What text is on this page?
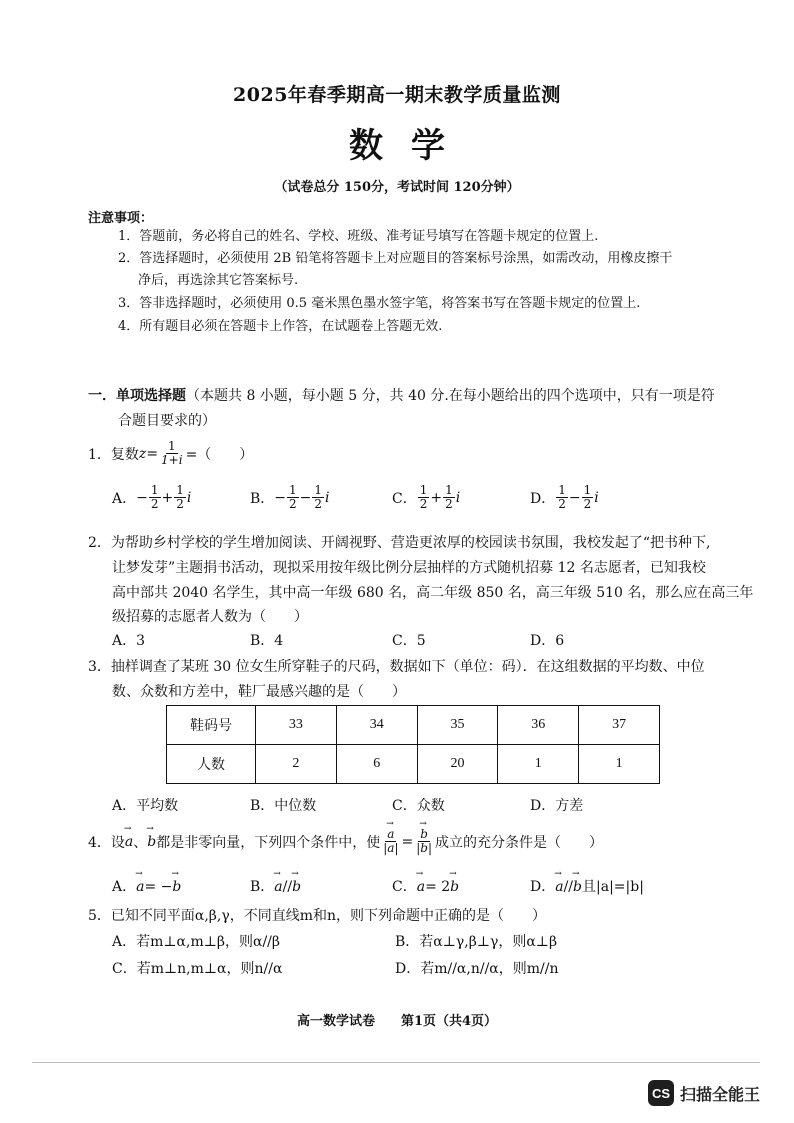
2025年春季期高一期末教学质量监测
数学
（试卷总分 150分，考试时间 120分钟）
注意事项：
1．答题前，务必将自己的姓名、学校、班级、准考证号填写在答题卡规定的位置上.
2．答选择题时，必须使用 2B 铅笔将答题卡上对应题目的答案标号涂黑，如需改动，用橡皮擦干
净后，再选涂其它答案标号.
3．答非选择题时，必须使用 0.5 毫米黑色墨水签字笔，将答案书写在答题卡规定的位置上.
4．所有题目必须在答题卡上作答，在试题卷上答题无效.
一．单项选择题（本题共 8 小题，每小题 5 分，共 40 分.在每小题给出的四个选项中，只有一项是符
合题目要求的）
1．复数 $z = \frac{1}{1+i}$ =（　　）
A． − $\frac{1}{2} + \frac{1}{2}$ i	B． − $\frac{1}{2} - \frac{1}{2}$ i	C． $\frac{1}{2} + \frac{1}{2}$ i	D． $\frac{1}{2} - \frac{1}{2}$ i
2．为帮助乡村学校的学生增加阅读、开阔视野、营造更浓厚的校园读书氛围，我校发起了“把书种下,
让梦发芽”主题捐书活动，现拟采用按年级比例分层抽样的方式随机招募 12 名志愿者，已知我校
高中部共 2040 名学生，其中高一年级 680 名，高二年级 850 名，高三年级 510 名，那么应在高三年
级招募的志愿者人数为（　　）
A．3	B．4	C．5	D．6
3．抽样调查了某班 30 位女生所穿鞋子的尺码，数据如下（单位：码）．在这组数据的平均数、中位
数、众数和方差中，鞋厂最感兴趣的是（　　）
鞋码号	33	34	35	36	37
人数	2	6	20	1	1
A．平均数	B．中位数	C．众数	D．方差
4．设 → a 、 → b 都是非零向量，下列四个条件中，使 → $\frac{a}{|a|}$ = → $\frac{b}{|b|}$ 成立的充分条件是（　　）
A．→ a= −→ b	B．→ a//→ b	C．→ a= 2→ b	D．→ a//→ b且|a|=|b|
5．已知不同平面α,β,γ，不同直线m和n，则下列命题中正确的是（　　）
A．若m⊥α,m⊥β，则α//β	B．若α⊥γ,β⊥γ，则α⊥β
C．若m⊥n,m⊥α，则n//α	D．若m//α,n//α，则m//n
高一数学试卷　　第1页（共4页）
CS 扫描全能王
